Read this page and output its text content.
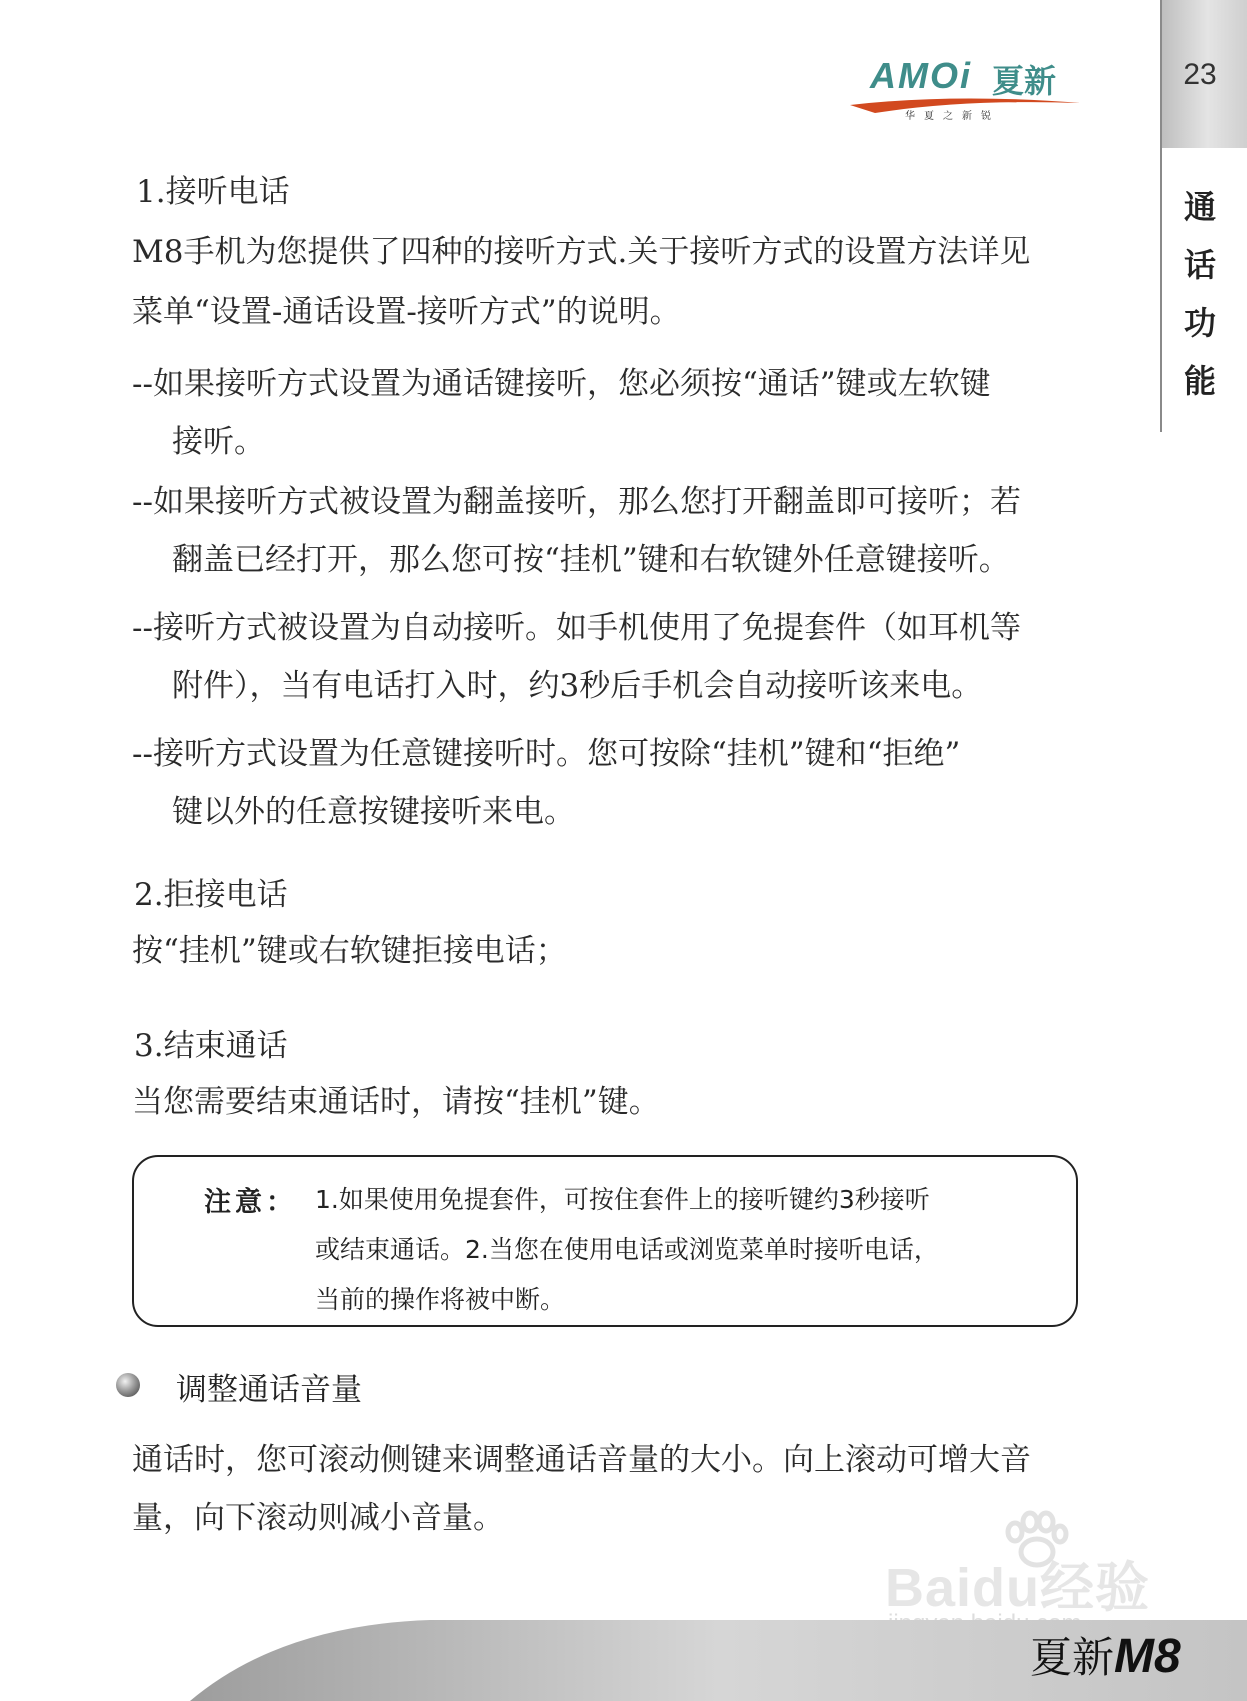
23
通
话
功
能
AMOi 夏新
华夏之新锐
1.接听电话
M8手机为您提供了四种的接听方式.关于接听方式的设置方法详见
菜单“设置-通话设置-接听方式”的说明。
--如果接听方式设置为通话键接听，您必须按“通话”键或左软键
接听。
--如果接听方式被设置为翻盖接听，那么您打开翻盖即可接听；若
翻盖已经打开，那么您可按“挂机”键和右软键外任意键接听。
--接听方式被设置为自动接听。如手机使用了免提套件（如耳机等
附件），当有电话打入时，约3秒后手机会自动接听该来电。
--接听方式设置为任意键接听时。您可按除“挂机”键和“拒绝”
键以外的任意按键接听来电。
2.拒接电话
按“挂机”键或右软键拒接电话；
3.结束通话
当您需要结束通话时，请按“挂机”键。
注意： 1.如果使用免提套件，可按住套件上的接听键约3秒接听
或结束通话。2.当您在使用电话或浏览菜单时接听电话，
当前的操作将被中断。
调整通话音量
通话时，您可滚动侧键来调整通话音量的大小。向上滚动可增大音
量，向下滚动则减小音量。
Baidu经验
夏新M8
